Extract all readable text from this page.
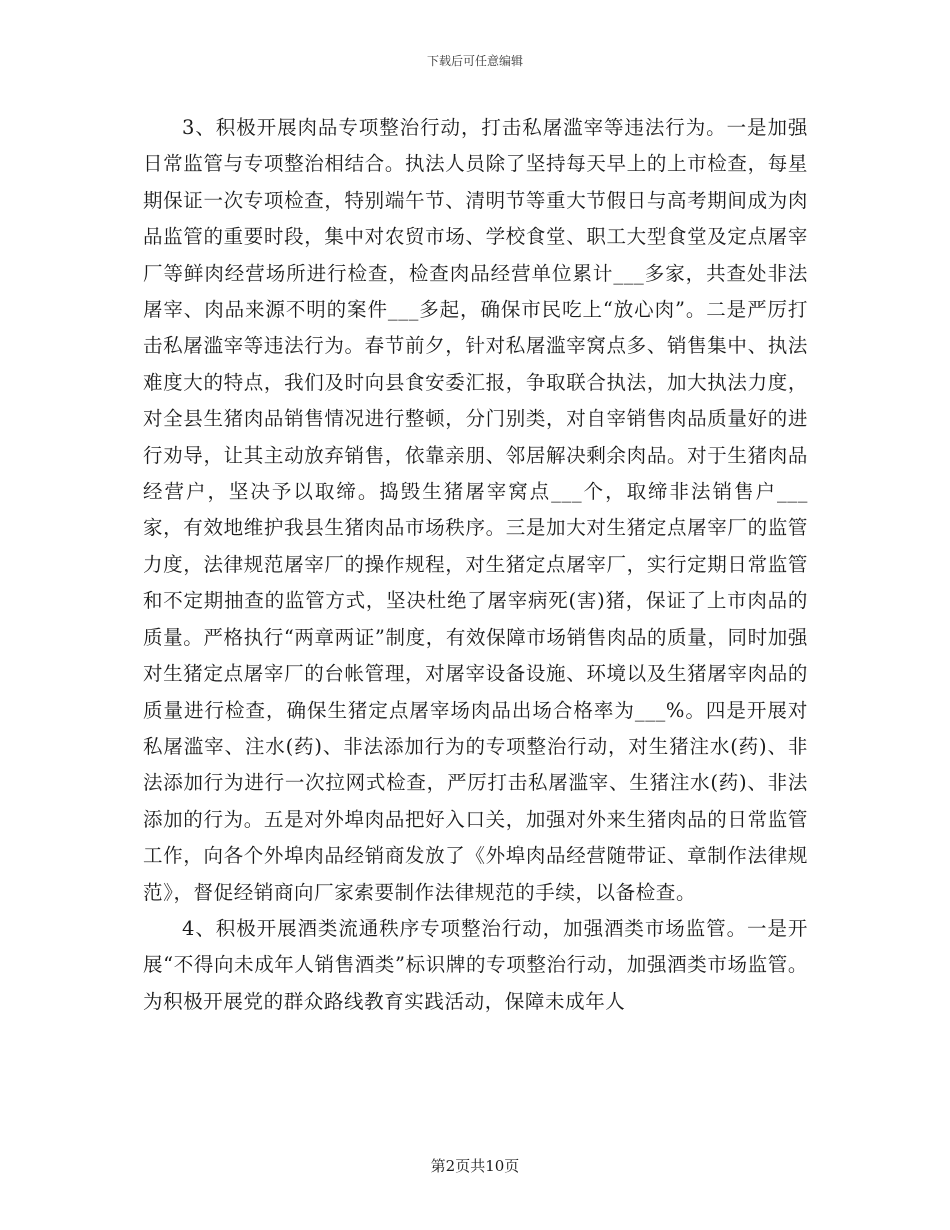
下载后可任意编辑

3、积极开展肉品专项整治行动，打击私屠滥宰等违法行为。一是加强日常监管与专项整治相结合。执法人员除了坚持每天早上的上市检查，每星期保证一次专项检查，特别端午节、清明节等重大节假日与高考期间成为肉品监管的重要时段，集中对农贸市场、学校食堂、职工大型食堂及定点屠宰厂等鲜肉经营场所进行检查，检查肉品经营单位累计___多家，共查处非法屠宰、肉品来源不明的案件___多起，确保市民吃上“放心肉”。二是严厉打击私屠滥宰等违法行为。春节前夕，针对私屠滥宰窝点多、销售集中、执法难度大的特点，我们及时向县食安委汇报，争取联合执法，加大执法力度，对全县生猪肉品销售情况进行整顿，分门别类，对自宰销售肉品质量好的进行劝导，让其主动放弃销售，依靠亲朋、邻居解决剩余肉品。对于生猪肉品经营户，坚决予以取缔。捣毁生猪屠宰窝点___个，取缔非法销售户___家，有效地维护我县生猪肉品市场秩序。三是加大对生猪定点屠宰厂的监管力度，法律规范屠宰厂的操作规程，对生猪定点屠宰厂，实行定期日常监管和不定期抽查的监管方式，坚决杜绝了屠宰病死(害)猪，保证了上市肉品的质量。严格执行“两章两证”制度，有效保障市场销售肉品的质量，同时加强对生猪定点屠宰厂的台帐管理，对屠宰设备设施、环境以及生猪屠宰肉品的质量进行检查，确保生猪定点屠宰场肉品出场合格率为___%。四是开展对私屠滥宰、注水(药)、非法添加行为的专项整治行动，对生猪注水(药)、非法添加行为进行一次拉网式检查，严厉打击私屠滥宰、生猪注水(药)、非法添加的行为。五是对外埠肉品把好入口关，加强对外来生猪肉品的日常监管工作，向各个外埠肉品经销商发放了《外埠肉品经营随带证、章制作法律规范》，督促经销商向厂家索要制作法律规范的手续，以备检查。

4、积极开展酒类流通秩序专项整治行动，加强酒类市场监管。一是开展“不得向未成年人销售酒类”标识牌的专项整治行动，加强酒类市场监管。为积极开展党的群众路线教育实践活动，保障未成年人

第2页共10页
